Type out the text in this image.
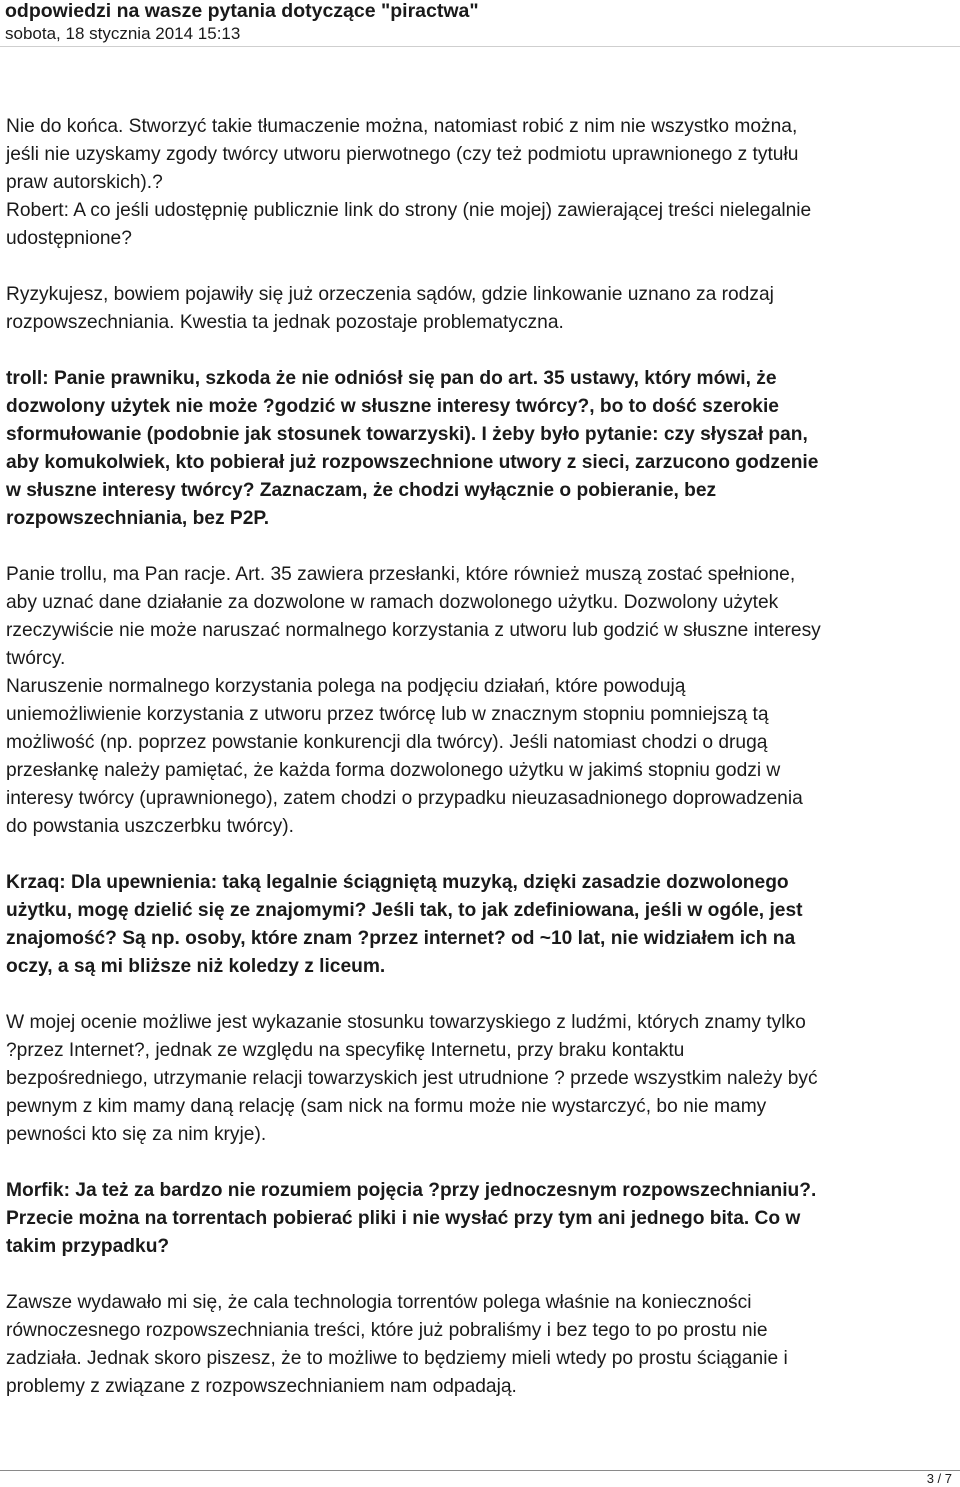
odpowiedzi na wasze pytania dotyczące "piractwa"

sobota, 18 stycznia 2014 15:13

Nie do końca. Stworzyć takie tłumaczenie można, natomiast robić z nim nie wszystko można,
jeśli nie uzyskamy zgody twórcy utworu pierwotnego (czy też podmiotu uprawnionego z tytułu
praw autorskich).?
Robert: A co jeśli udostępnię publicznie link do strony (nie mojej) zawierającej treści nielegalnie
udostępnione?
Ryzykujesz, bowiem pojawiły się już orzeczenia sądów, gdzie linkowanie uznano za rodzaj
rozpowszechniania. Kwestia ta jednak pozostaje problematyczna.
troll: Panie prawniku, szkoda że nie odniósł się pan do art. 35 ustawy, który mówi, że
dozwolony użytek nie może ?godzić w słuszne interesy twórcy?, bo to dość szerokie
sformułowanie (podobnie jak stosunek towarzyski). I żeby było pytanie: czy słyszał pan,
aby komukolwiek, kto pobierał już rozpowszechnione utwory z sieci, zarzucono godzenie
w słuszne interesy twórcy? Zaznaczam, że chodzi wyłącznie o pobieranie, bez
rozpowszechniania, bez P2P.
Panie trollu, ma Pan racje. Art. 35 zawiera przesłanki, które również muszą zostać spełnione,
aby uznać dane działanie za dozwolone w ramach dozwolonego użytku. Dozwolony użytek
rzeczywiście nie może naruszać normalnego korzystania z utworu lub godzić w słuszne interesy
twórcy.
Naruszenie normalnego korzystania polega na podjęciu działań, które powodują
uniemożliwienie korzystania z utworu przez twórcę lub w znacznym stopniu pomniejszą tą
możliwość (np. poprzez powstanie konkurencji dla twórcy). Jeśli natomiast chodzi o drugą
przesłankę należy pamiętać, że każda forma dozwolonego użytku w jakimś stopniu godzi w
interesy twórcy (uprawnionego), zatem chodzi o przypadku nieuzasadnionego doprowadzenia
do powstania uszczerbku twórcy).
Krzaq: Dla upewnienia: taką legalnie ściągniętą muzyką, dzięki zasadzie dozwolonego
użytku, mogę dzielić się ze znajomymi? Jeśli tak, to jak zdefiniowana, jeśli w ogóle, jest
znajomość? Są np. osoby, które znam ?przez internet? od ~10 lat, nie widziałem ich na
oczy, a są mi bliższe niż koledzy z liceum.
W mojej ocenie możliwe jest wykazanie stosunku towarzyskiego z ludźmi, których znamy tylko
?przez Internet?, jednak ze względu na specyfikę Internetu, przy braku kontaktu
bezpośredniego, utrzymanie relacji towarzyskich jest utrudnione ? przede wszystkim należy być
pewnym z kim mamy daną relację (sam nick na formu może nie wystarczyć, bo nie mamy
pewności kto się za nim kryje).
Morfik: Ja też za bardzo nie rozumiem pojęcia ?przy jednoczesnym rozpowszechnianiu?.
Przecie można na torrentach pobierać pliki i nie wysłać przy tym ani jednego bita. Co w
takim przypadku?
Zawsze wydawało mi się, że cala technologia torrentów polega właśnie na konieczności
równoczesnego rozpowszechniania treści, które już pobraliśmy i bez tego to po prostu nie
zadziała. Jednak skoro piszesz, że to możliwe to będziemy mieli wtedy po prostu ściąganie i
problemy z związane z rozpowszechnianiem nam odpadają.
3 / 7
